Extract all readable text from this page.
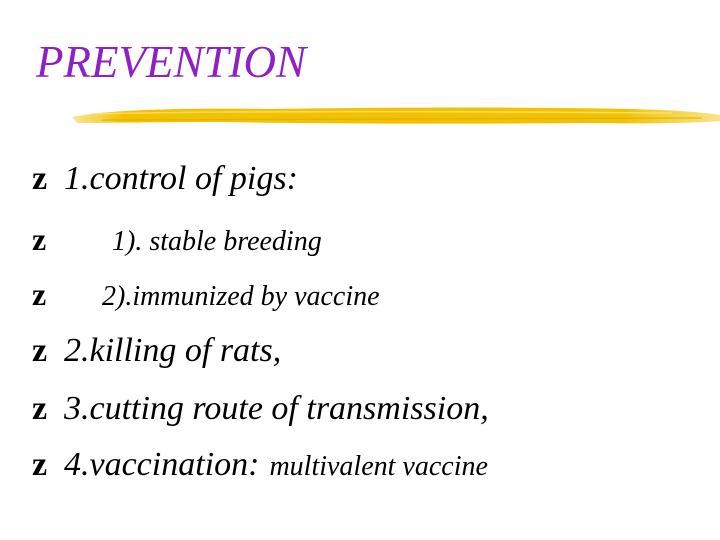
PREVENTION
z 1.control of pigs:
z 1). stable breeding
z 2).immunized by vaccine
z 2.killing of rats,
z 3.cutting route of transmission,
z 4.vaccination: multivalent vaccine
